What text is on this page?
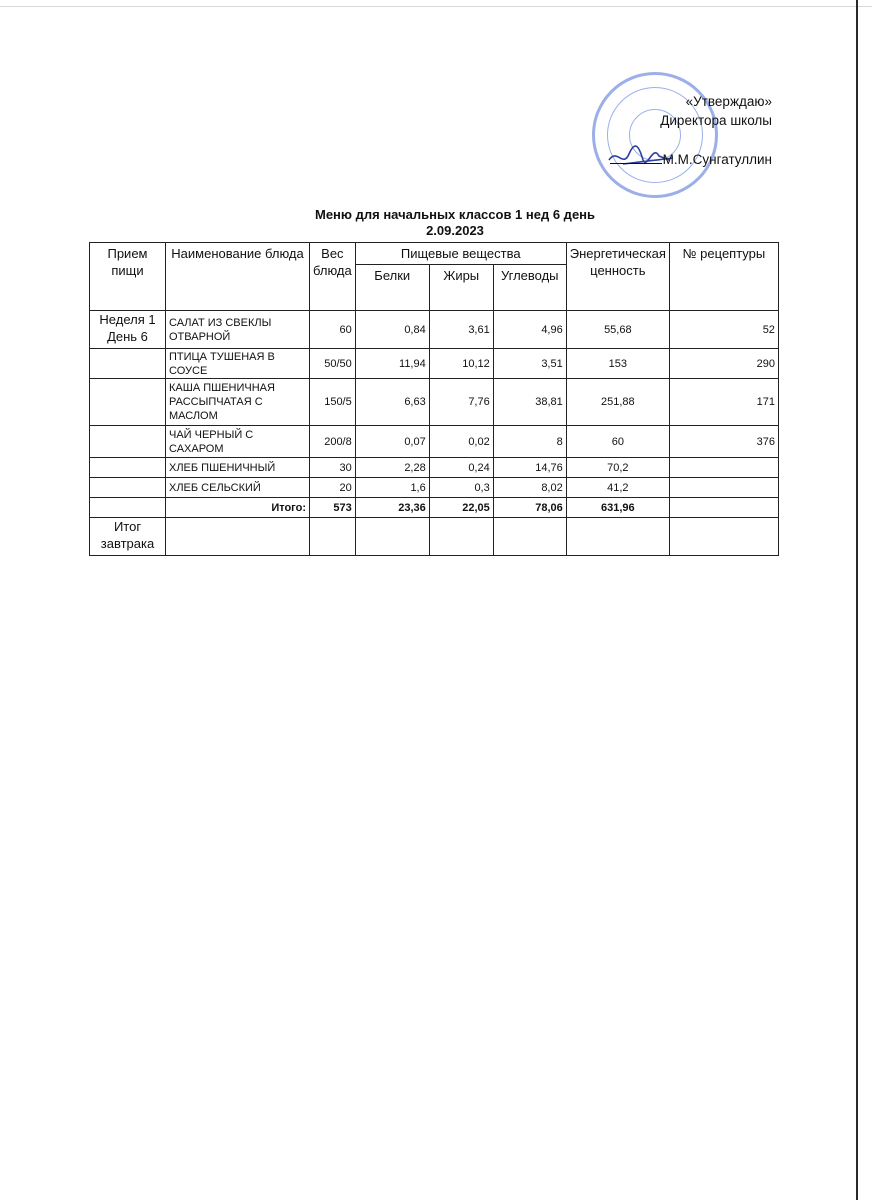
«Утверждаю»
Директора школы
М.М.Сунгатуллин
Меню для начальных классов 1 нед 6 день
2.09.2023
Прием пищи	Наименование блюда	Вес блюда	Пищевые вещества			Энергетическая ценность	№ рецептуры
			Белки	Жиры	Углеводы		
Неделя 1 День 6	САЛАТ ИЗ СВЕКЛЫ ОТВАРНОЙ	60	0,84	3,61	4,96	55,68	52
	ПТИЦА ТУШЕНАЯ В СОУСЕ	50/50	11,94	10,12	3,51	153	290
	КАША ПШЕНИЧНАЯ РАССЫПЧАТАЯ С МАСЛОМ	150/5	6,63	7,76	38,81	251,88	171
	ЧАЙ ЧЕРНЫЙ С САХАРОМ	200/8	0,07	0,02	8	60	376
	ХЛЕБ ПШЕНИЧНЫЙ	30	2,28	0,24	14,76	70,2	
	ХЛЕБ СЕЛЬСКИЙ	20	1,6	0,3	8,02	41,2	
	Итого:	573	23,36	22,05	78,06	631,96	
Итог завтрака							
